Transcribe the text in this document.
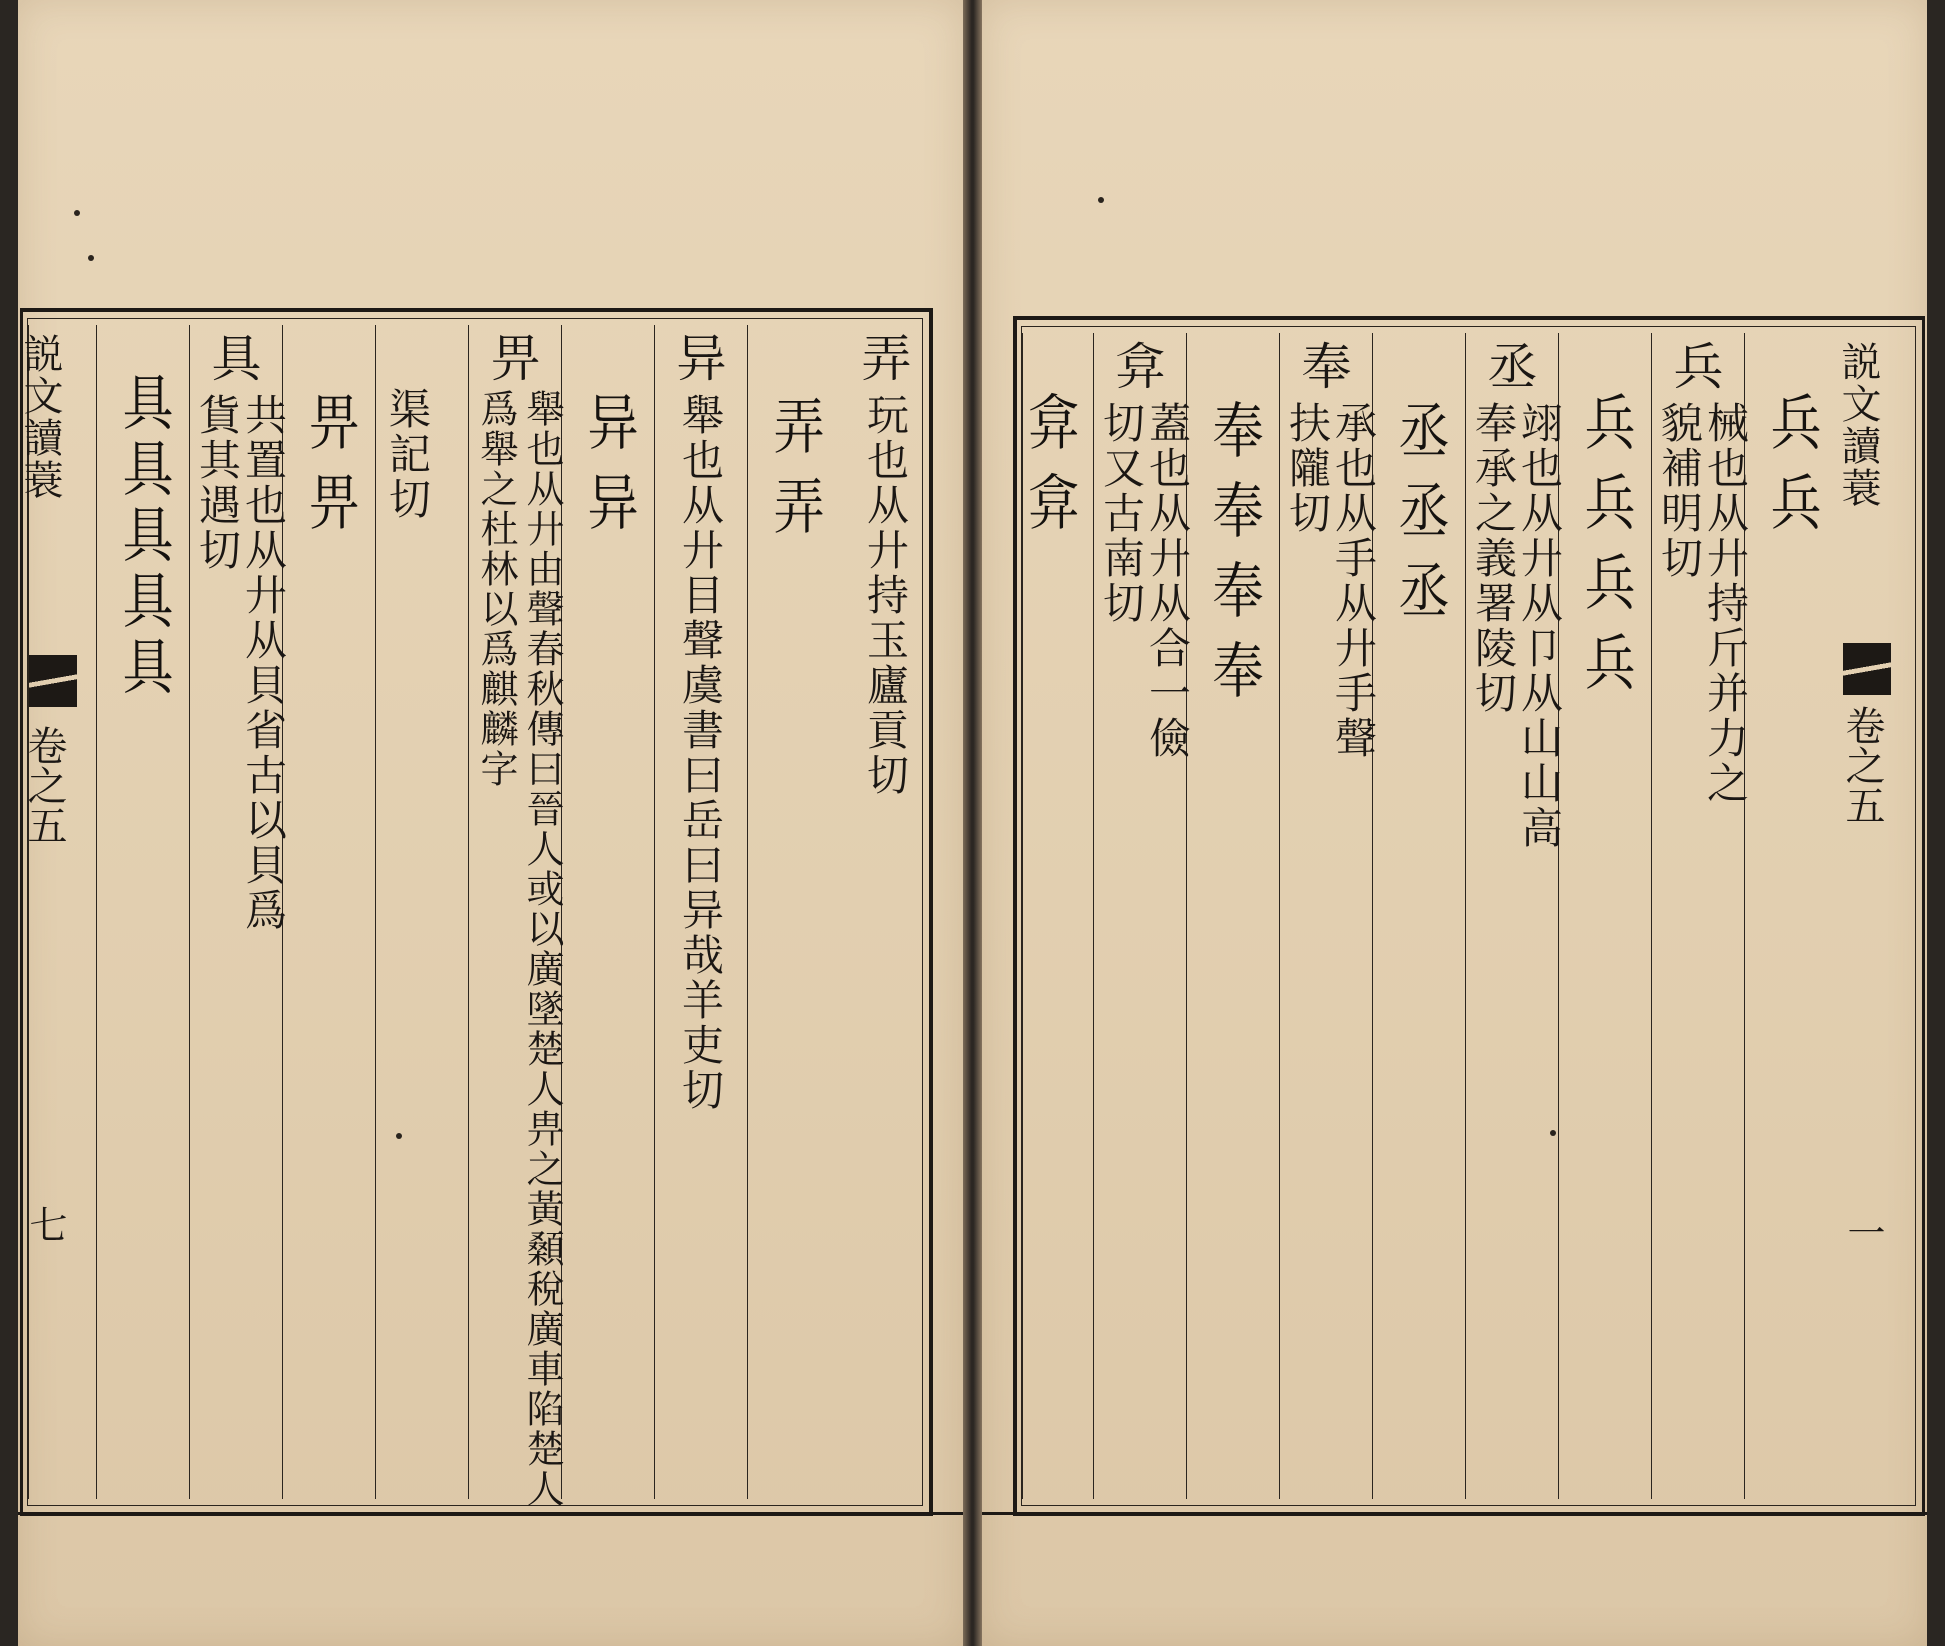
弄
玩也从廾持玉廬貢切
弄弄
异
舉也从廾目聲虞書曰岳曰异哉羊吏切
异异
畀
舉也从廾由聲春秋傳曰晉人或以廣墜楚人畁之黃顙稅廣車陷楚人爲舉之杜林以爲麒麟字
渠記切
畀畀
具
共置也从廾从貝省古以貝爲貨其遇切
具具具具具
説文讀蓑
卷之五
七
説文讀蓑
卷之五
一
兵兵
兵
械也从廾持斤并力之貌補明切
兵兵兵兵
丞
翊也从廾从卩从山山高奉承之義署陵切
丞丞丞
奉
承也从手从廾手聲扶隴切
奉奉奉奉
弇
蓋也从廾从合一儉切又古南切
弇弇
